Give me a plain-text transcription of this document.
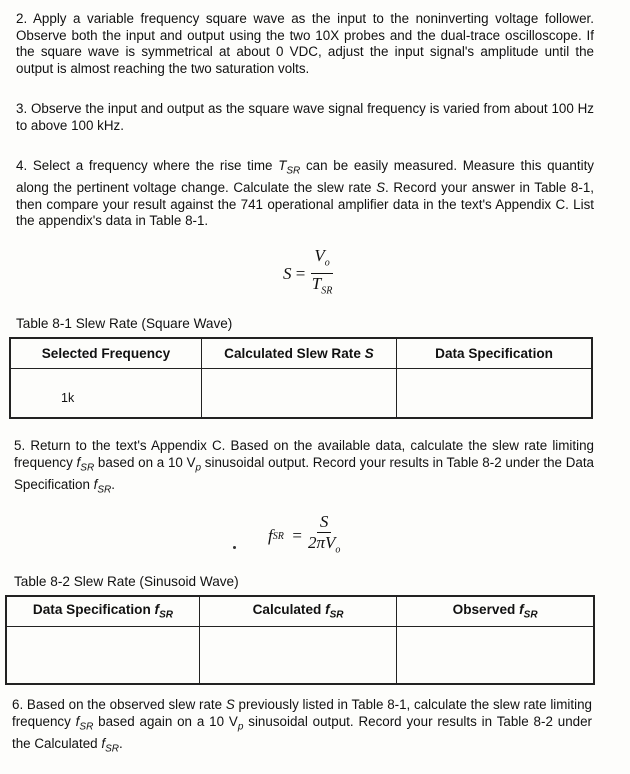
2. Apply a variable frequency square wave as the input to the noninverting voltage follower. Observe both the input and output using the two 10X probes and the dual-trace oscilloscope. If the square wave is symmetrical at about 0 VDC, adjust the input signal's amplitude until the output is almost reaching the two saturation volts.

3. Observe the input and output as the square wave signal frequency is varied from about 100 Hz to above 100 kHz.

4. Select a frequency where the rise time $T_{SR}$ can be easily measured. Measure this quantity along the pertinent voltage change. Calculate the slew rate S. Record your answer in Table 8-1, then compare your result against the 741 operational amplifier data in the text's Appendix C. List the appendix's data in Table 8-1.

S
= $\frac{V_o}{T_{SR}}$

Table 8-1 Slew Rate (Square Wave)

Selected Frequency	Calculated Slew Rate S	Data Specification

1k		

5. Return to the text's Appendix C. Based on the available data, calculate the slew rate limiting frequency $f_{SR}$ based on a 10 $V_p$ sinusoidal output. Record your results in Table 8-2 under the Data Specification $f_{SR}$.

f SR
= $\frac{S}{2\pi V_o}$

Table 8-2 Slew Rate (Sinusoid Wave)

Data Specification $f_{SR}$	Calculated $f_{SR}$	Observed $f_{SR}$

6. Based on the observed slew rate S previously listed in Table 8-1, calculate the slew rate limiting frequency $f_{SR}$ based again on a 10 $V_p$ sinusoidal output. Record your results in Table 8-2 under the Calculated $f_{SR}$.
